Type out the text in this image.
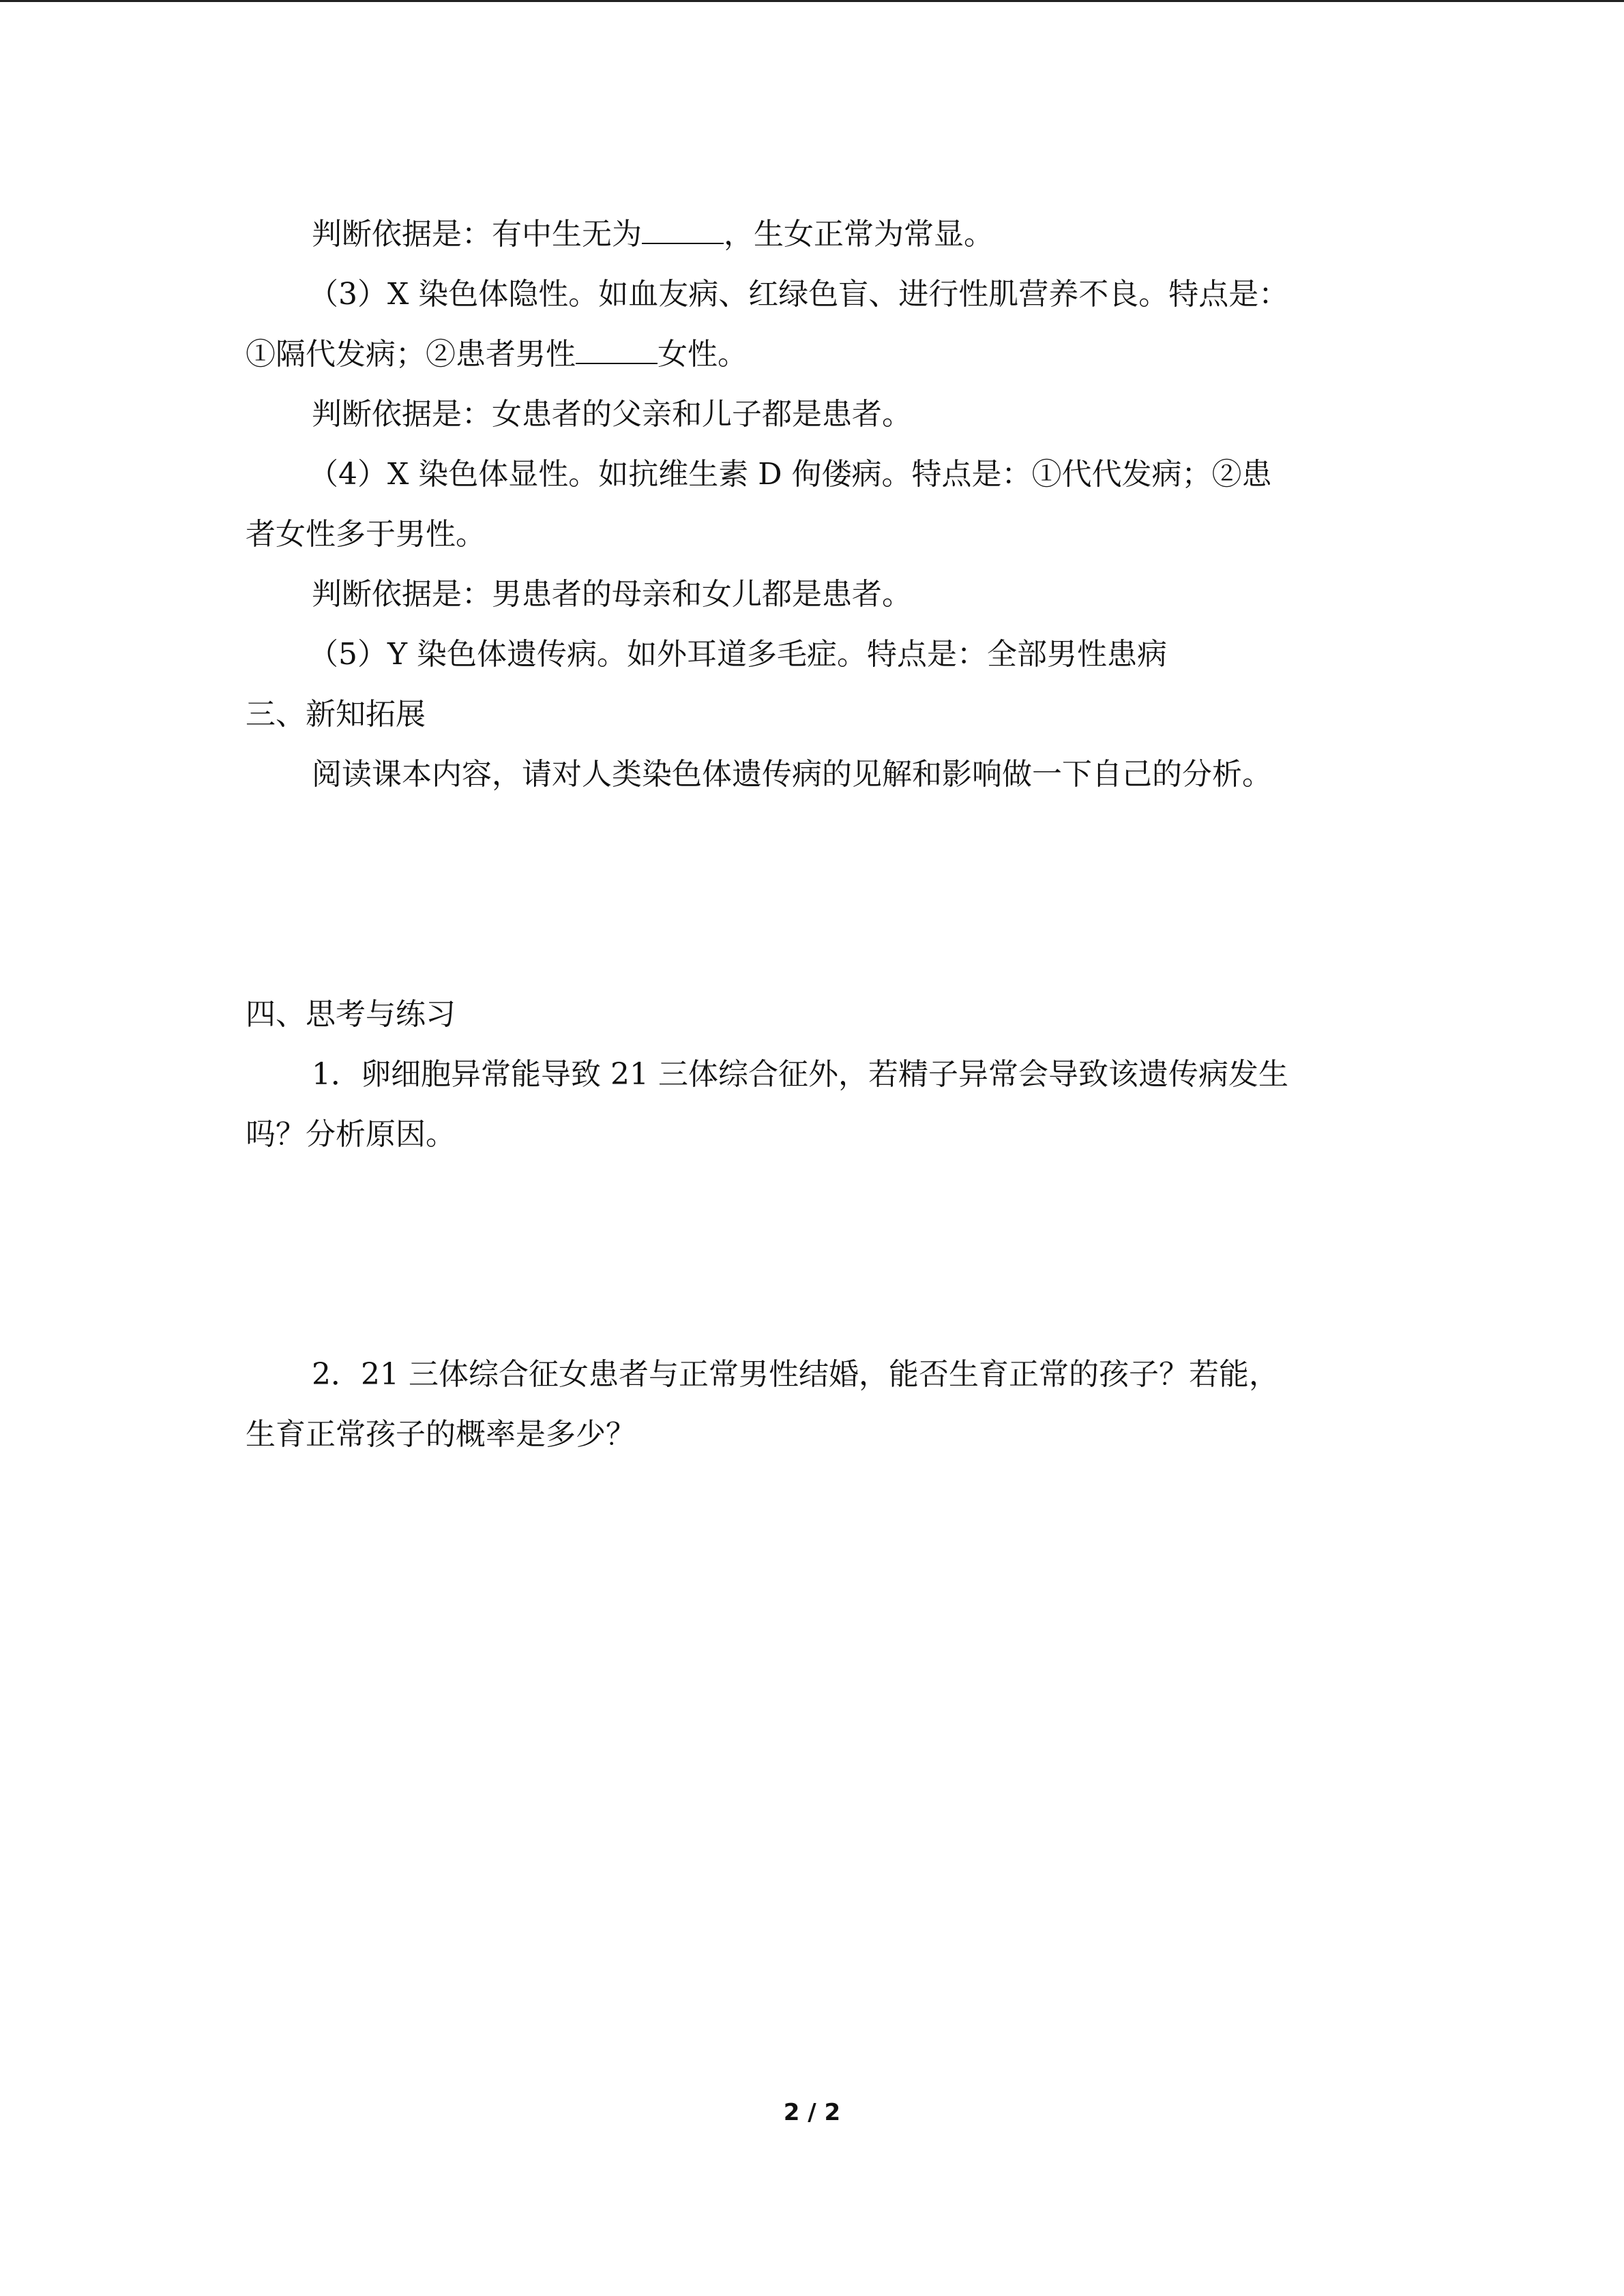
判断依据是：有中生无为	，生女正常为常显。
（3）X 染色体隐性。如血友病、红绿色盲、进行性肌营养不良。特点是：
①隔代发病；②患者男性	女性。
判断依据是：女患者的父亲和儿子都是患者。
（4）X 染色体显性。如抗维生素 D 佝偻病。特点是：①代代发病；②患
者女性多于男性。
判断依据是：男患者的母亲和女儿都是患者。
（5）Y 染色体遗传病。如外耳道多毛症。特点是：全部男性患病
三、新知拓展
阅读课本内容，请对人类染色体遗传病的见解和影响做一下自己的分析。
四、思考与练习
1．卵细胞异常能导致 21 三体综合征外，若精子异常会导致该遗传病发生
吗？分析原因。
2．21 三体综合征女患者与正常男性结婚，能否生育正常的孩子？若能，
生育正常孩子的概率是多少？
2 / 2
